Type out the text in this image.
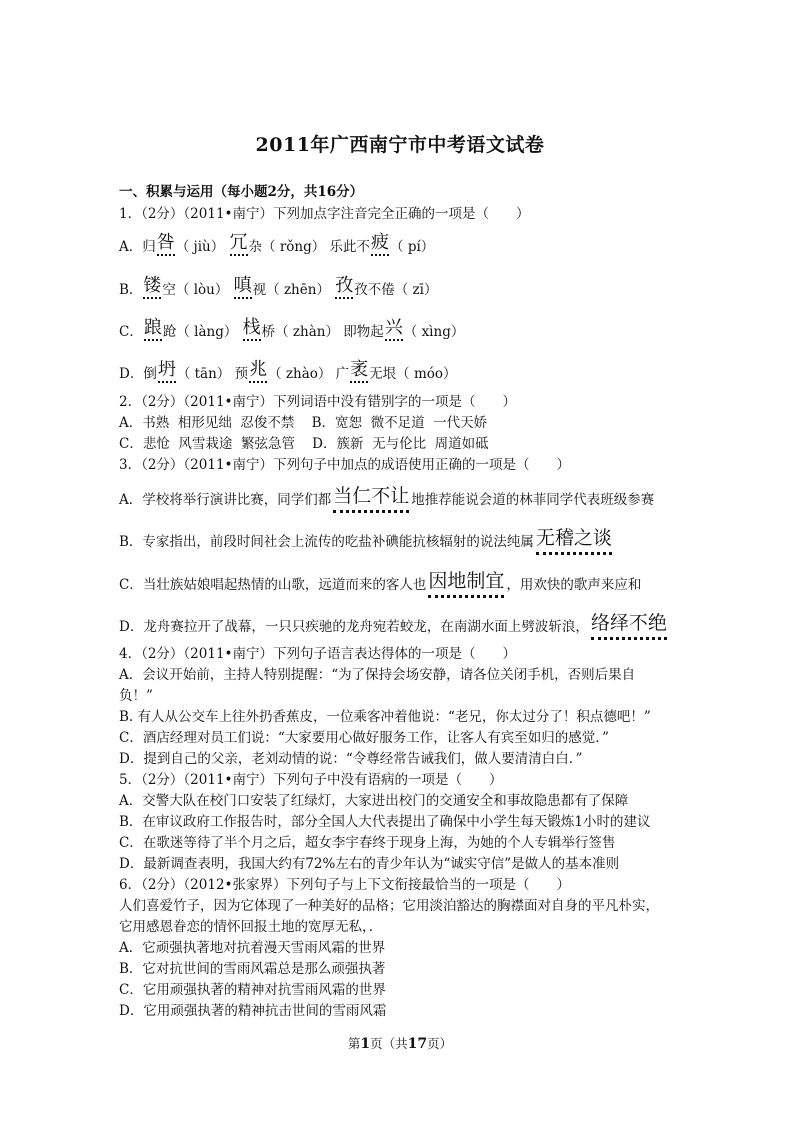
2011年广西南宁市中考语文试卷
一、积累与运用（每小题2分，共16分）
1．（2分）（2011•南宁）下列加点字注音完全正确的一项是（　　）
A．归咎（ jiù） 冗杂（ rǒng） 乐此不疲（ pí）
B．镂空（ lòu） 嗔视（ zhēn） 孜孜不倦（ zī）
C．踉跄（ làng） 栈桥（ zhàn） 即物起兴（ xìng）
D．倒坍（ tān） 预兆（ zhào） 广袤无垠（ móo）
2．（2分）（2011•南宁）下列词语中没有错别字的一项是（　　）
A．书熟  相形见绌  忍俊不禁    B．宽恕  微不足道  一代天娇
C．悲怆  风雪栽途  繁弦急管    D．簇新  无与伦比  周道如砥
3．（2分）（2011•南宁）下列句子中加点的成语使用正确的一项是（　　）
A．学校将举行演讲比赛，同学们都 当仁不让 地推荐能说会道的林菲同学代表班级参赛
B．专家指出，前段时间社会上流传的吃盐补碘能抗核辐射的说法纯属 无稽之谈
C．当壮族姑娘唱起热情的山歌，远道而来的客人也 因地制宜 ，用欢快的歌声来应和
D．龙舟赛拉开了战幕，一只只疾驰的龙舟宛若蛟龙，在南湖水面上劈波斩浪， 络绎不绝
4．（2分）（2011•南宁）下列句子语言表达得体的一项是（　　）
A．会议开始前，主持人特别提醒：“为了保持会场安静，请各位关闭手机，否则后果自
负！”
B. 有人从公交车上往外扔香蕉皮，一位乘客冲着他说：“老兄，你太过分了！积点德吧！”
C．酒店经理对员工们说：“大家要用心做好服务工作，让客人有宾至如归的感觉．”
D．提到自己的父亲，老刘动情的说：“令尊经常告诫我们，做人要清清白白．”
5．（2分）（2011•南宁）下列句子中没有语病的一项是（　　）
A．交警大队在校门口安装了红绿灯，大家进出校门的交通安全和事故隐患都有了保障
B．在审议政府工作报告时，部分全国人大代表提出了确保中小学生每天锻炼1小时的建议
C．在歌迷等待了半个月之后，超女李宇春终于现身上海，为她的个人专辑举行签售
D．最新调查表明，我国大约有72%左右的青少年认为“诚实守信”是做人的基本准则
6．（2分）（2012•张家界）下列句子与上下文衔接最恰当的一项是（　　）
人们喜爱竹子，因为它体现了一种美好的品格；它用淡泊豁达的胸襟面对自身的平凡朴实，
它用感恩眷恋的情怀回报土地的宽厚无私，．
A．它顽强执著地对抗着漫天雪雨风霜的世界
B．它对抗世间的雪雨风霜总是那么顽强执著
C．它用顽强执著的精神对抗雪雨风霜的世界
D．它用顽强执著的精神抗击世间的雪雨风霜
第1页（共17页）
